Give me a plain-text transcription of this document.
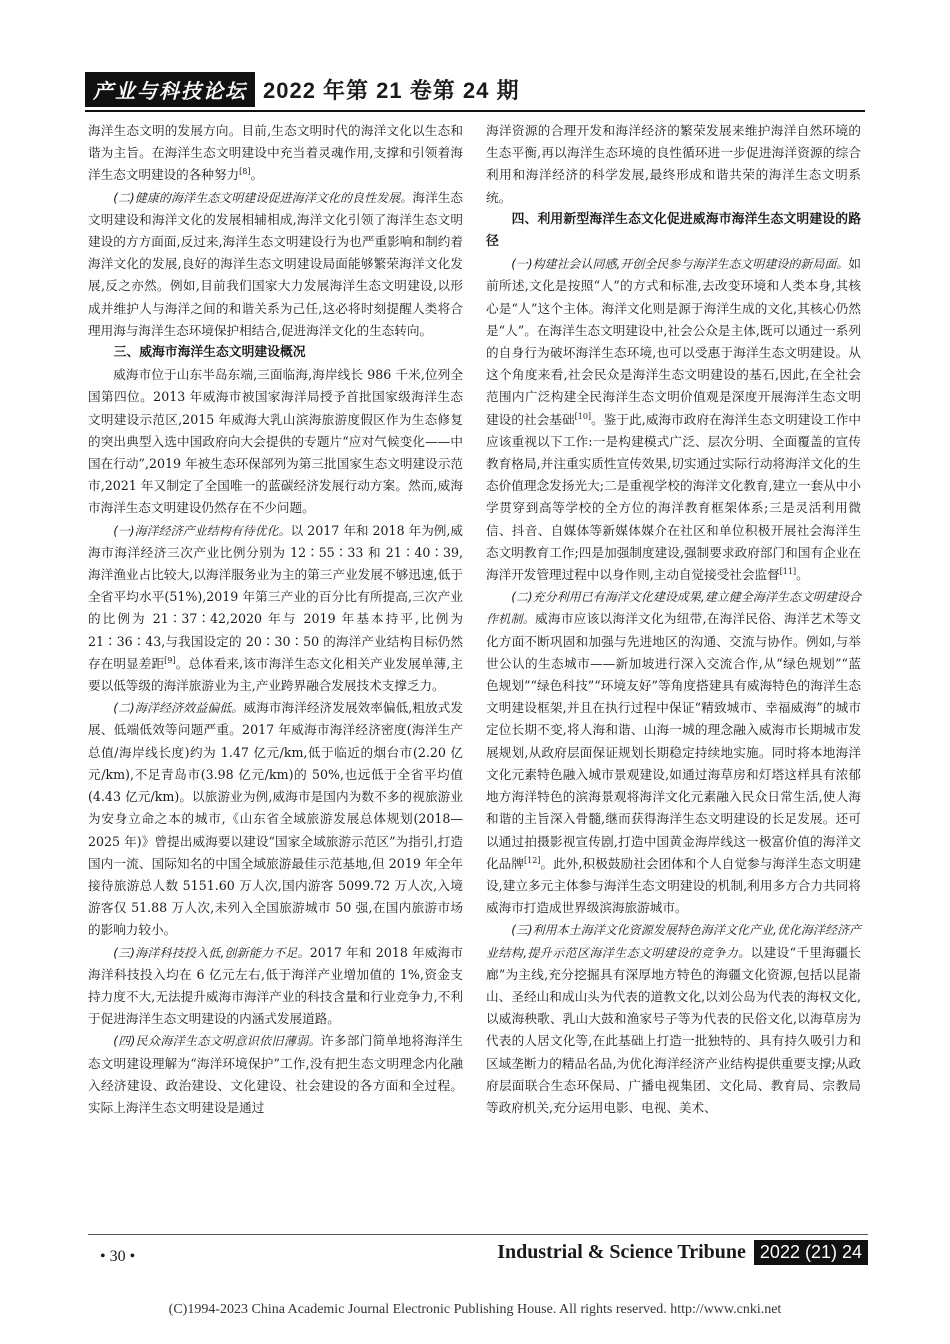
产业与科技论坛 2022 年第 21 卷第 24 期

海洋生态文明的发展方向。目前,生态文明时代的海洋文化以生态和谐为主旨。在海洋生态文明建设中充当着灵魂作用,支撑和引领着海洋生态文明建设的各种努力[8]。

(二)健康的海洋生态文明建设促进海洋文化的良性发展。海洋生态文明建设和海洋文化的发展相辅相成,海洋文化引领了海洋生态文明建设的方方面面,反过来,海洋生态文明建设行为也严重影响和制约着海洋文化的发展,良好的海洋生态文明建设局面能够繁荣海洋文化发展,反之亦然。例如,目前我们国家大力发展海洋生态文明建设,以形成并维护人与海洋之间的和谐关系为己任,这必将时刻提醒人类将合理用海与海洋生态环境保护相结合,促进海洋文化的生态转向。

三、威海市海洋生态文明建设概况

威海市位于山东半岛东端,三面临海,海岸线长 986 千米,位列全国第四位。2013 年威海市被国家海洋局授予首批国家级海洋生态文明建设示范区,2015 年威海大乳山滨海旅游度假区作为生态修复的突出典型入选中国政府向大会提供的专题片“应对气候变化——中国在行动”,2019 年被生态环保部列为第三批国家生态文明建设示范市,2021 年又制定了全国唯一的蓝碳经济发展行动方案。然而,威海市海洋生态文明建设仍然存在不少问题。

(一)海洋经济产业结构有待优化。以 2017 年和 2018 年为例,威海市海洋经济三次产业比例分别为 12∶55∶33 和 21∶40∶39,海洋渔业占比较大,以海洋服务业为主的第三产业发展不够迅速,低于全省平均水平(51%),2019 年第三产业的百分比有所提高,三次产业的比例为 21∶37∶42,2020 年与 2019 年基本持平,比例为 21∶36∶43,与我国设定的 20∶30∶50 的海洋产业结构目标仍然存在明显差距[9]。总体看来,该市海洋生态文化相关产业发展单薄,主要以低等级的海洋旅游业为主,产业跨界融合发展技术支撑乏力。

(二)海洋经济效益偏低。威海市海洋经济发展效率偏低,粗放式发展、低端低效等问题严重。2017 年威海市海洋经济密度(海洋生产总值/海岸线长度)约为 1.47 亿元/km,低于临近的烟台市(2.20 亿元/km),不足青岛市(3.98 亿元/km)的 50%,也远低于全省平均值(4.43 亿元/km)。以旅游业为例,威海市是国内为数不多的视旅游业为安身立命之本的城市,《山东省全域旅游发展总体规划(2018—2025 年)》曾提出威海要以建设“国家全域旅游示范区”为指引,打造国内一流、国际知名的中国全域旅游最佳示范基地,但 2019 年全年接待旅游总人数 5151.60 万人次,国内游客 5099.72 万人次,入境游客仅 51.88 万人次,未列入全国旅游城市 50 强,在国内旅游市场的影响力较小。

(三)海洋科技投入低,创新能力不足。2017 年和 2018 年威海市海洋科技投入均在 6 亿元左右,低于海洋产业增加值的 1%,资金支持力度不大,无法提升威海市海洋产业的科技含量和行业竞争力,不利于促进海洋生态文明建设的内涵式发展道路。

(四)民众海洋生态文明意识依旧薄弱。许多部门简单地将海洋生态文明建设理解为“海洋环境保护”工作,没有把生态文明理念内化融入经济建设、政治建设、文化建设、社会建设的各方面和全过程。实际上海洋生态文明建设是通过

海洋资源的合理开发和海洋经济的繁荣发展来维护海洋自然环境的生态平衡,再以海洋生态环境的良性循环进一步促进海洋资源的综合利用和海洋经济的科学发展,最终形成和谐共荣的海洋生态文明系统。

四、利用新型海洋生态文化促进威海市海洋生态文明建设的路径

(一)构建社会认同感,开创全民参与海洋生态文明建设的新局面。如前所述,文化是按照“人”的方式和标准,去改变环境和人类本身,其核心是“人”这个主体。海洋文化则是源于海洋生成的文化,其核心仍然是“人”。在海洋生态文明建设中,社会公众是主体,既可以通过一系列的自身行为破坏海洋生态环境,也可以受惠于海洋生态文明建设。从这个角度来看,社会民众是海洋生态文明建设的基石,因此,在全社会范围内广泛构建全民海洋生态文明价值观是深度开展海洋生态文明建设的社会基础[10]。鉴于此,威海市政府在海洋生态文明建设工作中应该重视以下工作:一是构建模式广泛、层次分明、全面覆盖的宣传教育格局,并注重实质性宣传效果,切实通过实际行动将海洋文化的生态价值理念发扬光大;二是重视学校的海洋文化教育,建立一套从中小学贯穿到高等学校的全方位的海洋教育框架体系;三是灵活利用微信、抖音、自媒体等新媒体媒介在社区和单位积极开展社会海洋生态文明教育工作;四是加强制度建设,强制要求政府部门和国有企业在海洋开发管理过程中以身作则,主动自觉接受社会监督[11]。

(二)充分利用已有海洋文化建设成果,建立健全海洋生态文明建设合作机制。威海市应该以海洋文化为纽带,在海洋民俗、海洋艺术等文化方面不断巩固和加强与先进地区的沟通、交流与协作。例如,与举世公认的生态城市——新加坡进行深入交流合作,从“绿色规划”“蓝色规划”“绿色科技”“环境友好”等角度搭建具有威海特色的海洋生态文明建设框架,并且在执行过程中保证“精致城市、幸福威海”的城市定位长期不变,将人海和谐、山海一城的理念融入威海市长期城市发展规划,从政府层面保证规划长期稳定持续地实施。同时将本地海洋文化元素特色融入城市景观建设,如通过海草房和灯塔这样具有浓郁地方海洋特色的滨海景观将海洋文化元素融入民众日常生活,使人海和谐的主旨深入骨髓,继而获得海洋生态文明建设的长足发展。还可以通过拍摄影视宣传剧,打造中国黄金海岸线这一极富价值的海洋文化品牌[12]。此外,积极鼓励社会团体和个人自觉参与海洋生态文明建设,建立多元主体参与海洋生态文明建设的机制,利用多方合力共同将威海市打造成世界级滨海旅游城市。

(三)利用本土海洋文化资源发展特色海洋文化产业,优化海洋经济产业结构,提升示范区海洋生态文明建设的竞争力。以建设“千里海疆长廊”为主线,充分挖掘具有深厚地方特色的海疆文化资源,包括以昆嵛山、圣经山和成山头为代表的道教文化,以刘公岛为代表的海权文化,以威海秧歌、乳山大鼓和渔家号子等为代表的民俗文化,以海草房为代表的人居文化等,在此基础上打造一批独特的、具有持久吸引力和区域垄断力的精品名品,为优化海洋经济产业结构提供重要支撑;从政府层面联合生态环保局、广播电视集团、文化局、教育局、宗教局等政府机关,充分运用电影、电视、美术、

• 30 •	Industrial & Science Tribune 2022 (21) 24
(C)1994-2023 China Academic Journal Electronic Publishing House. All rights reserved. http://www.cnki.net
